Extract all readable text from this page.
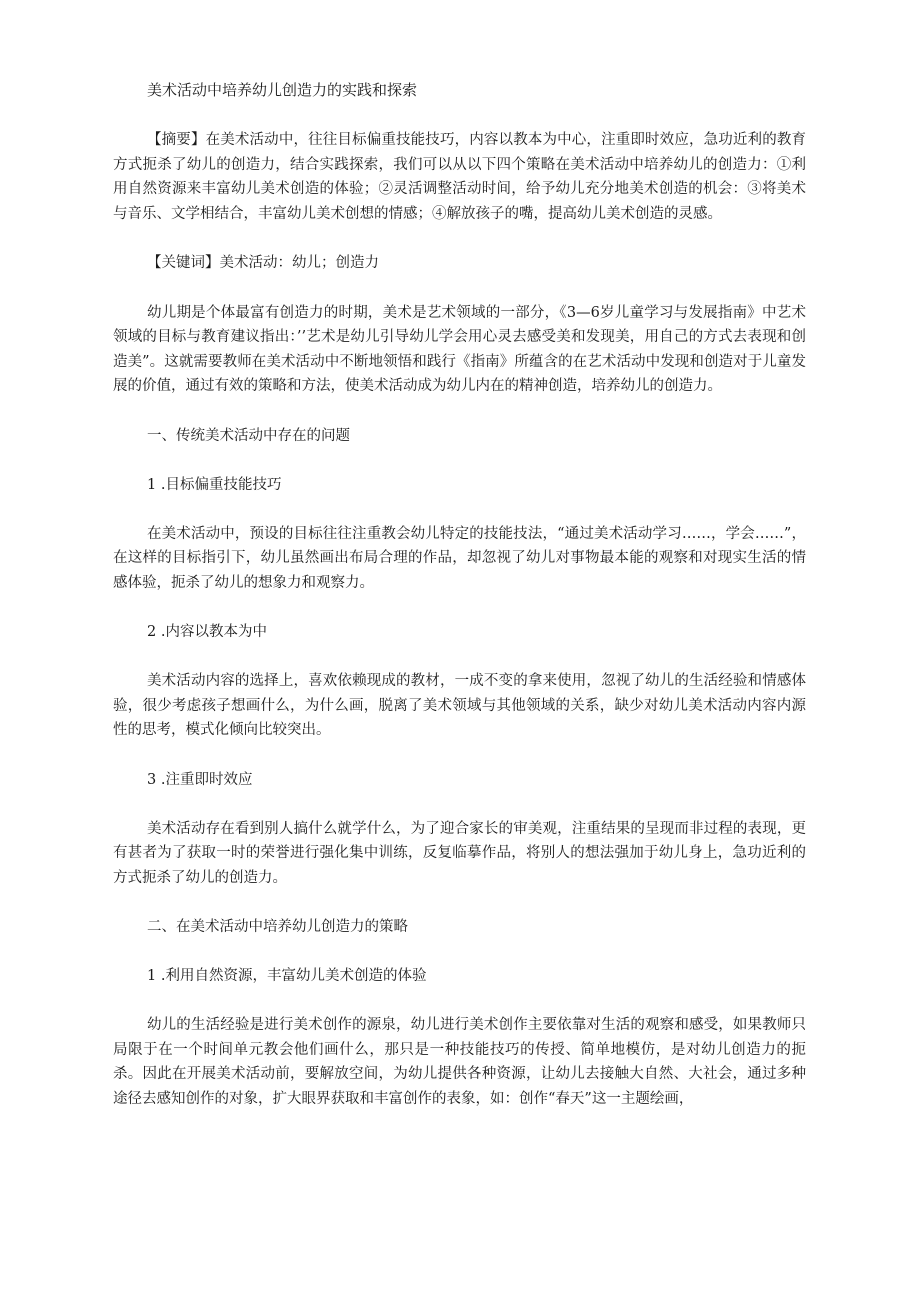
美术活动中培养幼儿创造力的实践和探索

【摘要】在美术活动中，往往目标偏重技能技巧，内容以教本为中心，注重即时效应，急功近利的教育方式扼杀了幼儿的创造力，结合实践探索，我们可以从以下四个策略在美术活动中培养幼儿的创造力：①利用自然资源来丰富幼儿美术创造的体验；②灵活调整活动时间，给予幼儿充分地美术创造的机会：③将美术与音乐、文学相结合，丰富幼儿美术创想的情感；④解放孩子的嘴，提高幼儿美术创造的灵感。

【关键词】美术活动：幼儿；创造力

幼儿期是个体最富有创造力的时期，美术是艺术领域的一部分，《3—6岁儿童学习与发展指南》中艺术领域的目标与教育建议指出：’’艺术是幼儿引导幼儿学会用心灵去感受美和发现美，用自己的方式去表现和创造美”。这就需要教师在美术活动中不断地领悟和践行《指南》所蕴含的在艺术活动中发现和创造对于儿童发展的价值，通过有效的策略和方法，使美术活动成为幼儿内在的精神创造，培养幼儿的创造力。

一、传统美术活动中存在的问题

1 .目标偏重技能技巧

在美术活动中，预设的目标往往注重教会幼儿特定的技能技法，“通过美术活动学习……，学会……”，在这样的目标指引下，幼儿虽然画出布局合理的作品，却忽视了幼儿对事物最本能的观察和对现实生活的情感体验，扼杀了幼儿的想象力和观察力。

2 .内容以教本为中

美术活动内容的选择上，喜欢依赖现成的教材，一成不变的拿来使用，忽视了幼儿的生活经验和情感体验，很少考虑孩子想画什么，为什么画，脱离了美术领域与其他领域的关系，缺少对幼儿美术活动内容内源性的思考，模式化倾向比较突出。

3 .注重即时效应

美术活动存在看到别人搞什么就学什么，为了迎合家长的审美观，注重结果的呈现而非过程的表现，更有甚者为了获取一时的荣誉进行强化集中训练，反复临摹作品，将别人的想法强加于幼儿身上，急功近利的方式扼杀了幼儿的创造力。

二、在美术活动中培养幼儿创造力的策略

1 .利用自然资源，丰富幼儿美术创造的体验

幼儿的生活经验是进行美术创作的源泉，幼儿进行美术创作主要依靠对生活的观察和感受，如果教师只局限于在一个时间单元教会他们画什么，那只是一种技能技巧的传授、简单地模仿，是对幼儿创造力的扼杀。因此在开展美术活动前，要解放空间，为幼儿提供各种资源，让幼儿去接触大自然、大社会，通过多种途径去感知创作的对象，扩大眼界获取和丰富创作的表象，如：创作“春天”这一主题绘画，
